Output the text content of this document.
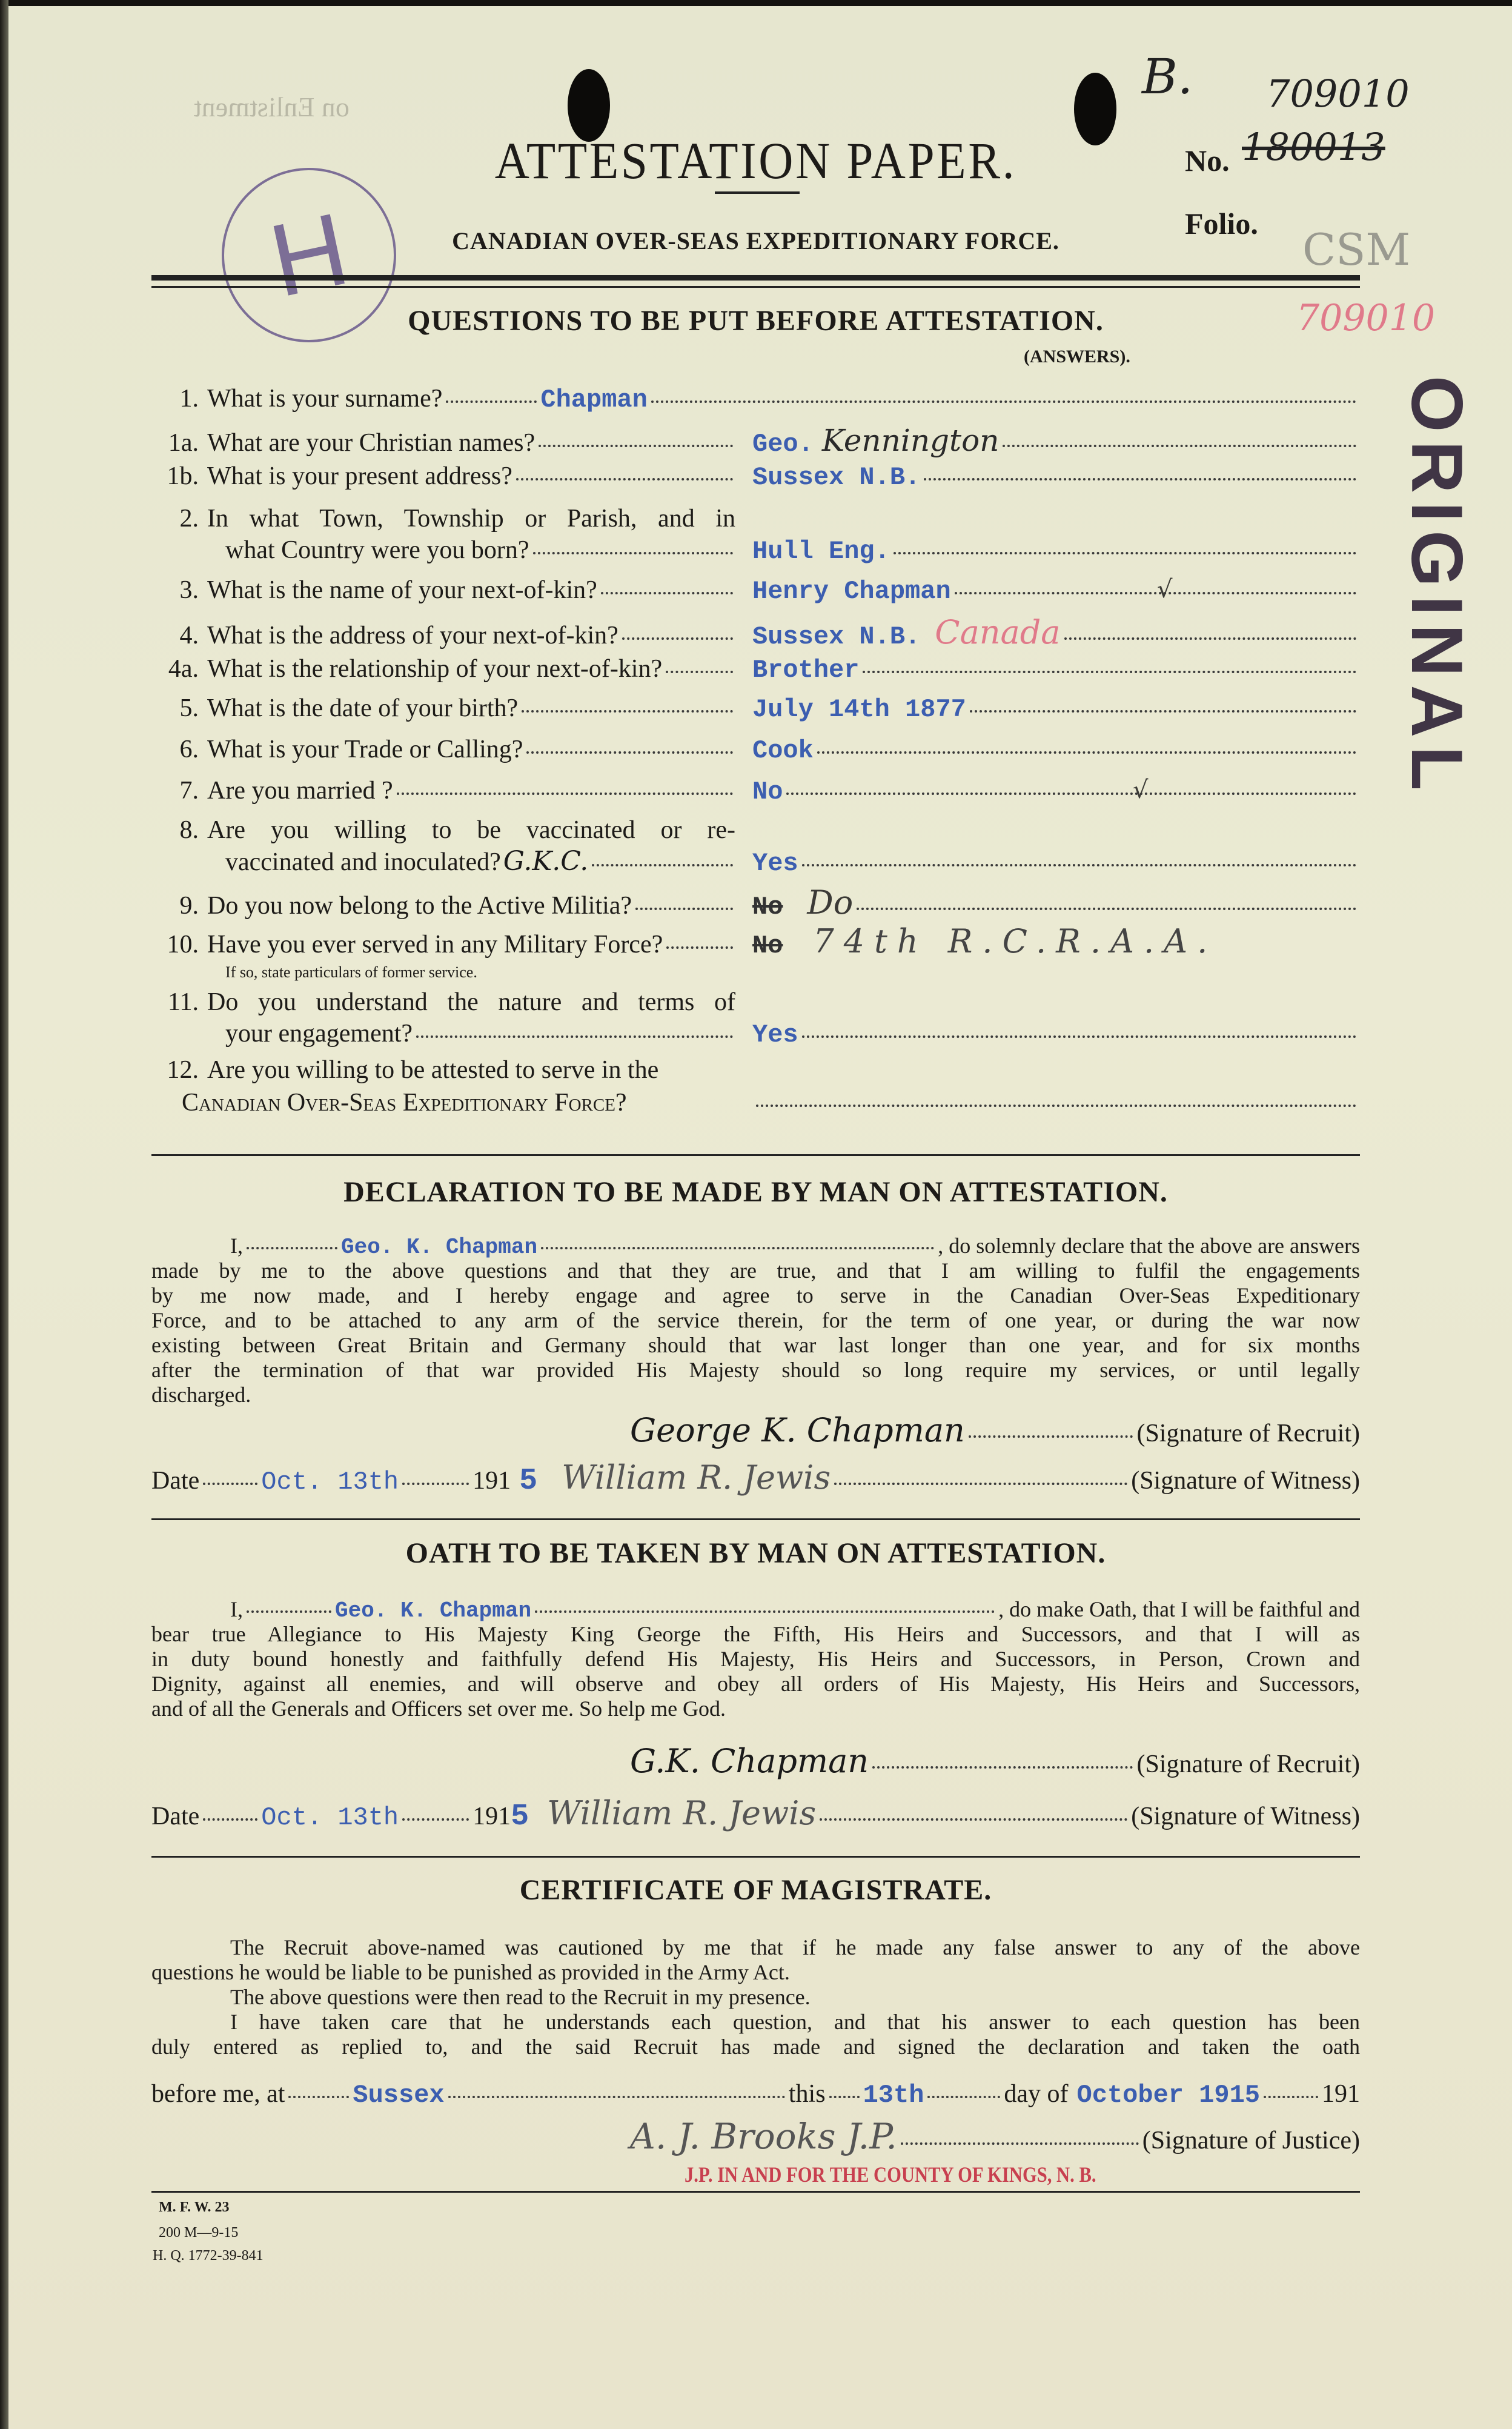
on Enlistment
H
ATTESTATION PAPER.
CANADIAN OVER-SEAS EXPEDITIONARY FORCE.
No.
709010
180013
B.
Folio.
CSM
709010
ORIGINAL
QUESTIONS TO BE PUT BEFORE ATTESTATION.
(ANSWERS).
1. What is your surname?	Chapman
1a. What are your Christian names?	Geo. Kennington
1b. What is your present address?	Sussex N.B.
2. In what Town, Township or Parish, and in
what Country were you born?	Hull Eng.
3. What is the name of your next-of-kin?	Henry Chapman	√
4. What is the address of your next-of-kin?	Sussex N.B. Canada
4a. What is the relationship of your next-of-kin?	Brother
5. What is the date of your birth?	July 14th 1877
6. What is your Trade or Calling?	Cook
7. Are you married ?	No	√
8. Are you willing to be vaccinated or re-
vaccinated and inoculated? G.K.C.	Yes
9. Do you now belong to the Active Militia?	No Do
10. Have you ever served in any Military Force?	No 74th R.C.R.A.A.
If so, state particulars of former service.
11. Do you understand the nature and terms of
your engagement?	Yes
12. Are you willing to be attested to serve in the
Canadian Over-Seas Expeditionary Force?
DECLARATION TO BE MADE BY MAN ON ATTESTATION.
I,	Geo. K. Chapman	, do solemnly declare that the above are answers
made by me to the above questions and that they are true, and that I am willing to fulfil the engagements
by me now made, and I hereby engage and agree to serve in the Canadian Over-Seas Expeditionary
Force, and to be attached to any arm of the service therein, for the term of one year, or during the war now
existing between Great Britain and Germany should that war last longer than one year, and for six months
after the termination of that war provided His Majesty should so long require my services, or until legally
discharged.
George K. Chapman	(Signature of Recruit)
Date Oct. 13th	191 5 William R. Jewis	(Signature of Witness)
OATH TO BE TAKEN BY MAN ON ATTESTATION.
I,	Geo. K. Chapman	, do make Oath, that I will be faithful and
bear true Allegiance to His Majesty King George the Fifth, His Heirs and Successors, and that I will as
in duty bound honestly and faithfully defend His Majesty, His Heirs and Successors, in Person, Crown and
Dignity, against all enemies, and will observe and obey all orders of His Majesty, His Heirs and Successors,
and of all the Generals and Officers set over me. So help me God.
G.K. Chapman	(Signature of Recruit)
Date Oct. 13th	191 5 William R. Jewis	(Signature of Witness)
CERTIFICATE OF MAGISTRATE.
The Recruit above-named was cautioned by me that if he made any false answer to any of the above
questions he would be liable to be punished as provided in the Army Act.
The above questions were then read to the Recruit in my presence.
I have taken care that he understands each question, and that his answer to each question has been
duly entered as replied to, and the said Recruit has made and signed the declaration and taken the oath
before me, at	Sussex	this 13th	day of October 1915 191
A. J. Brooks J.P.	(Signature of Justice)
J.P. IN AND FOR THE COUNTY OF KINGS, N. B.
M. F. W. 23
200 M—9-15
H. Q. 1772-39-841
